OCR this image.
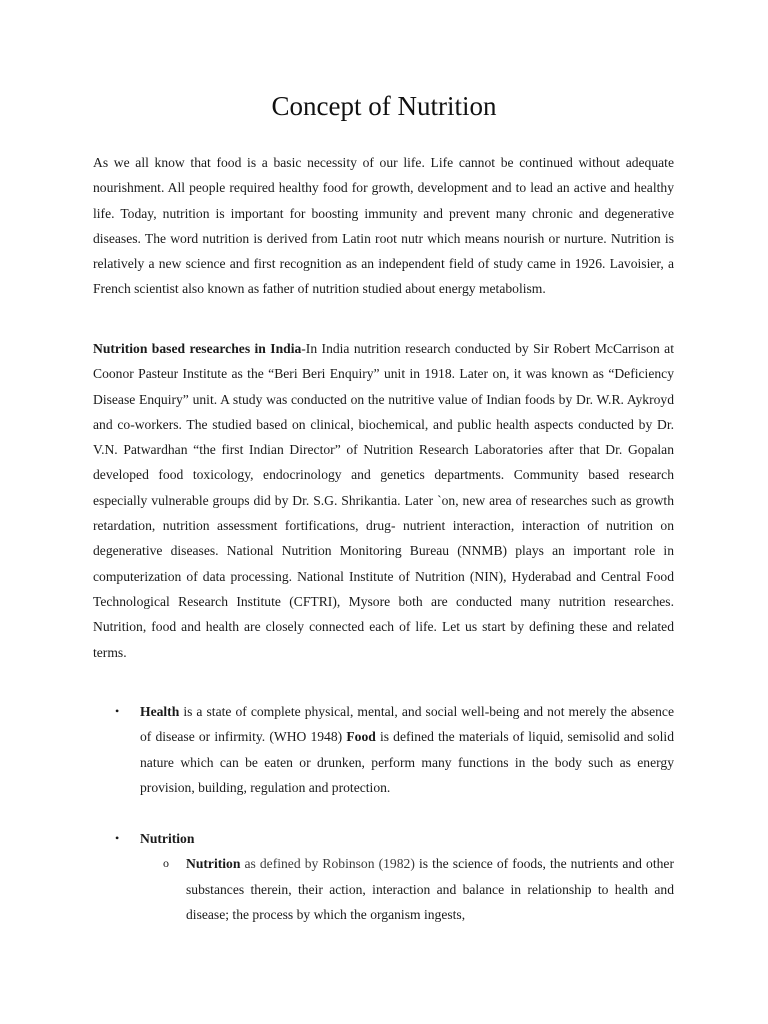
Concept of Nutrition

As we all know that food is a basic necessity of our life. Life cannot be continued without adequate nourishment. All people required healthy food for growth, development and to lead an active and healthy life. Today, nutrition is important for boosting immunity and prevent many chronic and degenerative diseases. The word nutrition is derived from Latin root nutr which means nourish or nurture. Nutrition is relatively a new science and first recognition as an independent field of study came in 1926. Lavoisier, a French scientist also known as father of nutrition studied about energy metabolism.

Nutrition based researches in India-In India nutrition research conducted by Sir Robert McCarrison at Coonor Pasteur Institute as the “Beri Beri Enquiry” unit in 1918. Later on, it was known as “Deficiency Disease Enquiry” unit. A study was conducted on the nutritive value of Indian foods by Dr. W.R. Aykroyd and co-workers. The studied based on clinical, biochemical, and public health aspects conducted by Dr. V.N. Patwardhan “the first Indian Director” of Nutrition Research Laboratories after that Dr. Gopalan developed food toxicology, endocrinology and genetics departments. Community based research especially vulnerable groups did by Dr. S.G. Shrikantia. Later `on, new area of researches such as growth retardation, nutrition assessment fortifications, drug- nutrient interaction, interaction of nutrition on degenerative diseases. National Nutrition Monitoring Bureau (NNMB) plays an important role in computerization of data processing. National Institute of Nutrition (NIN), Hyderabad and Central Food Technological Research Institute (CFTRI), Mysore both are conducted many nutrition researches. Nutrition, food and health are closely connected each of life. Let us start by defining these and related terms.

• Health is a state of complete physical, mental, and social well-being and not merely the absence of disease or infirmity. (WHO 1948) Food is defined the materials of liquid, semisolid and solid nature which can be eaten or drunken, perform many functions in the body such as energy provision, building, regulation and protection.
• Nutrition
o Nutrition as defined by Robinson (1982) is the science of foods, the nutrients and other substances therein, their action, interaction and balance in relationship to health and disease; the process by which the organism ingests,
